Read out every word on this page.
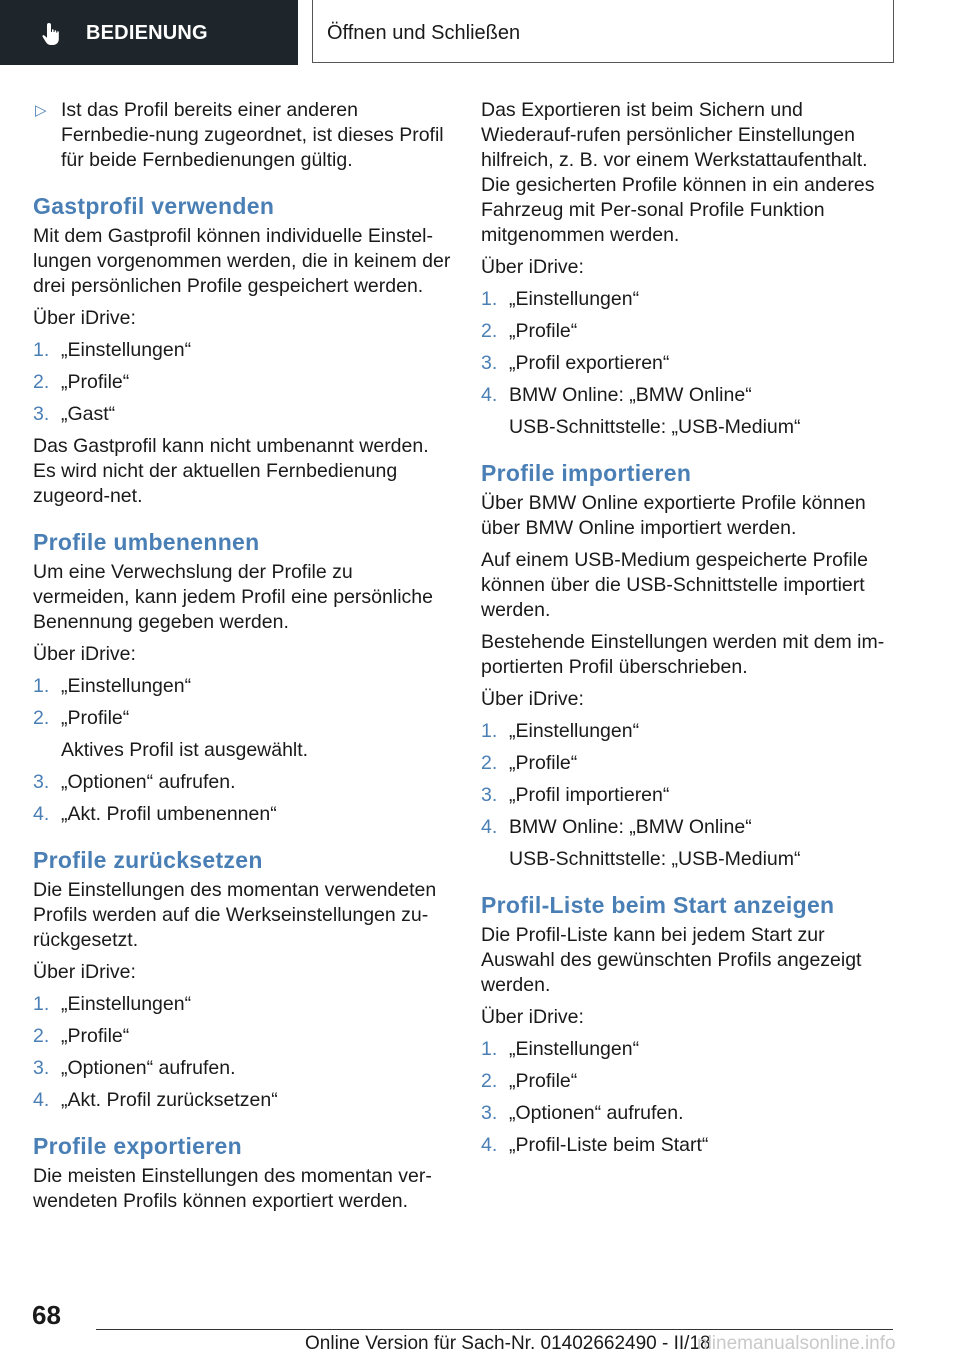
BEDIENUNG	Öffnen und Schließen
▷ Ist das Profil bereits einer anderen Fernbedie-nung zugeordnet, ist dieses Profil für beide Fernbedienungen gültig.
Gastprofil verwenden

Mit dem Gastprofil können individuelle Einstel-lungen vorgenommen werden, die in keinem der drei persönlichen Profile gespeichert werden.

Über iDrive:

1. „Einstellungen“
2. „Profile“
3. „Gast“

Das Gastprofil kann nicht umbenannt werden. Es wird nicht der aktuellen Fernbedienung zugeord-net.

Profile umbenennen

Um eine Verwechslung der Profile zu vermeiden, kann jedem Profil eine persönliche Benennung gegeben werden.

Über iDrive:

1. „Einstellungen“
2. „Profile“
Aktives Profil ist ausgewählt.
3. „Optionen“ aufrufen.
4. „Akt. Profil umbenennen“
Profile zurücksetzen

Die Einstellungen des momentan verwendeten Profils werden auf die Werkseinstellungen zu-rückgesetzt.

Über iDrive:

1. „Einstellungen“
2. „Profile“
3. „Optionen“ aufrufen.
4. „Akt. Profil zurücksetzen“
Profile exportieren

Die meisten Einstellungen des momentan ver-wendeten Profils können exportiert werden.

Das Exportieren ist beim Sichern und Wiederauf-rufen persönlicher Einstellungen hilfreich, z. B. vor einem Werkstattaufenthalt. Die gesicherten Profile können in ein anderes Fahrzeug mit Per-sonal Profile Funktion mitgenommen werden.

Über iDrive:

1. „Einstellungen“
2. „Profile“
3. „Profil exportieren“
4. BMW Online: „BMW Online“
USB-Schnittstelle: „USB-Medium“
Profile importieren

Über BMW Online exportierte Profile können über BMW Online importiert werden.

Auf einem USB-Medium gespeicherte Profile können über die USB-Schnittstelle importiert werden.

Bestehende Einstellungen werden mit dem im-portierten Profil überschrieben.

Über iDrive:

1. „Einstellungen“
2. „Profile“
3. „Profil importieren“
4. BMW Online: „BMW Online“
USB-Schnittstelle: „USB-Medium“
Profil-Liste beim Start anzeigen

Die Profil-Liste kann bei jedem Start zur Auswahl des gewünschten Profils angezeigt werden.

Über iDrive:

1. „Einstellungen“
2. „Profile“
3. „Optionen“ aufrufen.
4. „Profil-Liste beim Start“
68
Online Version für Sach-Nr. 01402662490 - II/18
nlinemanualsonline.info
